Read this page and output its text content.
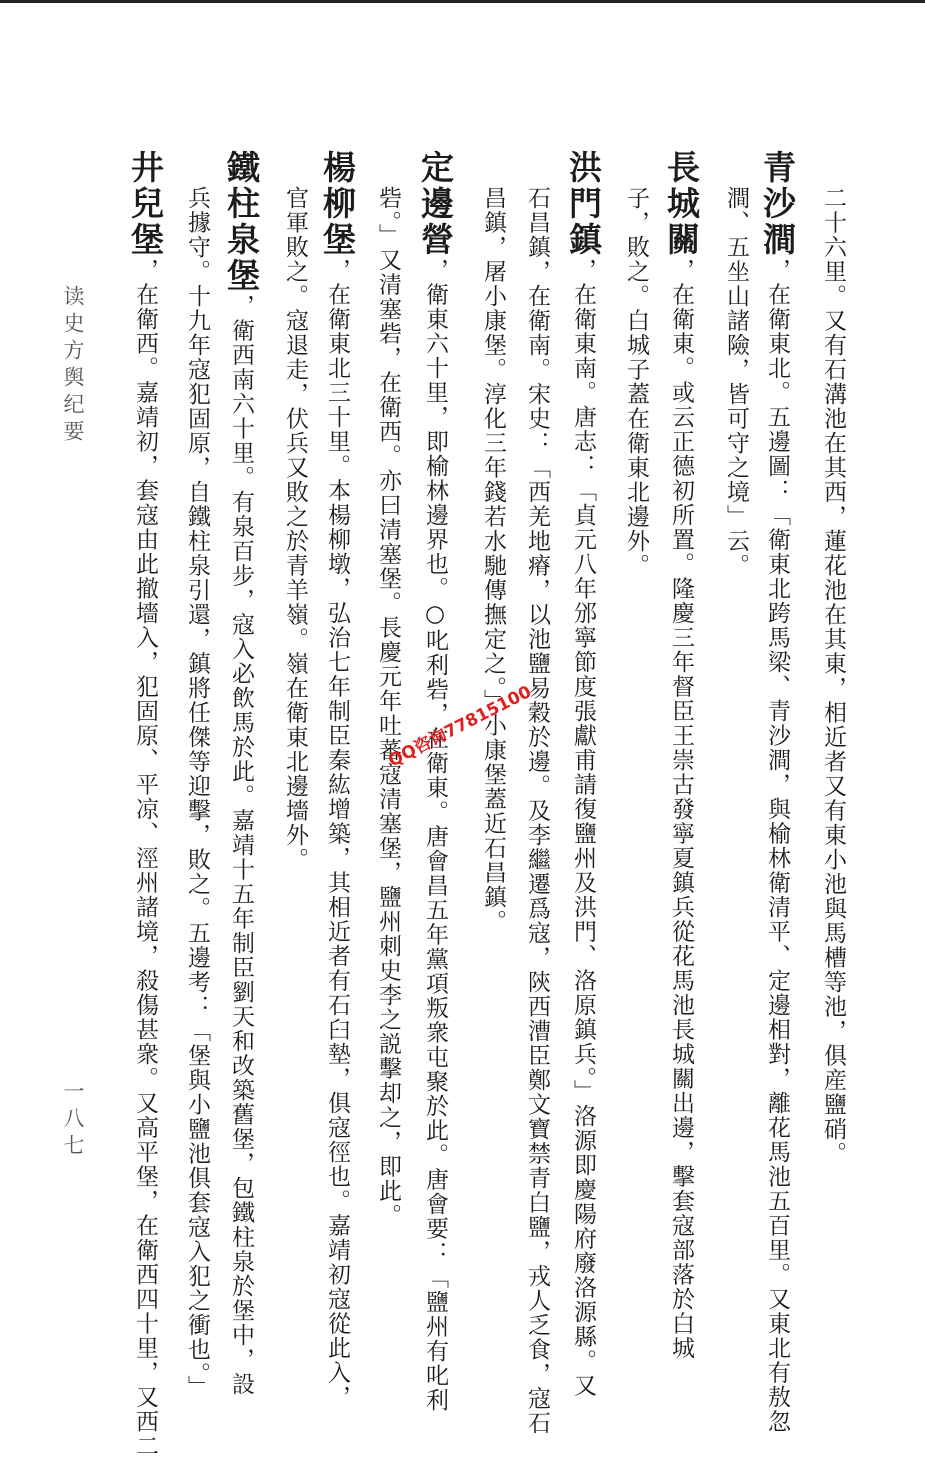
二十六里。又有石溝池在其西，蓮花池在其東，相近者又有東小池與馬槽等池，俱産鹽硝。
青沙澗，在衛東北。五邊圖：「衛東北跨馬梁、青沙澗，與榆林衛清平、定邊相對，離花馬池五百里。又東北有敖忽
澗、五坐山諸險，皆可守之境」云。
長城關，在衛東。或云正德初所置。隆慶三年督臣王崇古發寧夏鎮兵從花馬池長城關出邊，擊套寇部落於白城
子，敗之。白城子蓋在衛東北邊外。
洪門鎮，在衛東南。唐志：「貞元八年邠寧節度張獻甫請復鹽州及洪門、洛原鎮兵。」洛源即慶陽府廢洛源縣。又
石昌鎮，在衛南。宋史：「西羌地瘠，以池鹽易穀於邊。及李繼遷爲寇，陝西漕臣鄭文寶禁青白鹽，戎人乏食，寇石
昌鎮，屠小康堡。淳化三年錢若水馳傳撫定之。」小康堡蓋近石昌鎮。
定邊營，衛東六十里，即榆林邊界也。○叱利砦，在衛東。唐會昌五年黨項叛衆屯聚於此。唐會要：「鹽州有叱利
砦。」又清塞砦，在衛西。亦曰清塞堡。長慶元年吐蕃寇清塞堡，鹽州刺史李之説擊却之，即此。
楊柳堡，在衛東北三十里。本楊柳墩，弘治七年制臣秦紘增築，其相近者有石臼墊，俱寇徑也。嘉靖初寇從此入，
官軍敗之。寇退走，伏兵又敗之於青羊嶺。嶺在衛東北邊墻外。
鐵柱泉堡，衛西南六十里。有泉百步，寇入必飲馬於此。嘉靖十五年制臣劉天和改築舊堡，包鐵柱泉於堡中，設
兵據守。十九年寇犯固原，自鐵柱泉引還，鎮將任傑等迎擊，敗之。五邊考：「堡與小鹽池俱套寇入犯之衝也。」
井兒堡，在衛西。嘉靖初，套寇由此撤墻入，犯固原、平凉、涇州諸境，殺傷甚衆。又高平堡，在衛西四十里，又西二
读史方舆纪要
一八七
QQ咨询77815100
